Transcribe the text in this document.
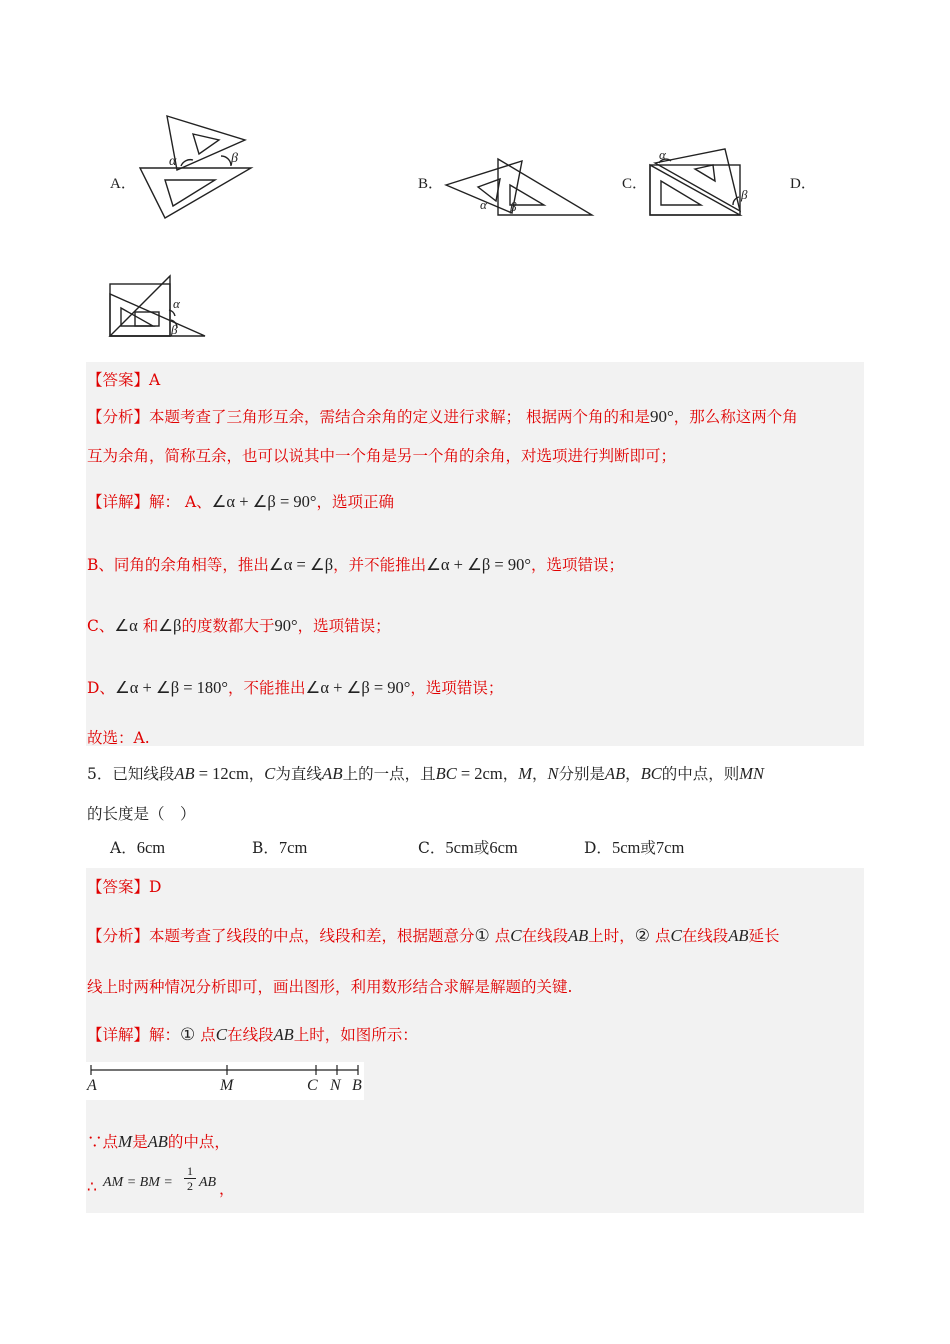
A．
α	β
B．
α β
C．
α
β
D．
α
β
【答案】A
【分析】本题考查了三角形互余，需结合余角的定义进行求解； 根据两个角的和是90°，那么称这两个角
互为余角，简称互余，也可以说其中一个角是另一个角的余角，对选项进行判断即可；
【详解】解： A、∠α + ∠β = 90°，选项正确
B、同角的余角相等，推出∠α = ∠β，并不能推出∠α + ∠β = 90°，选项错误；
C、∠α 和∠β的度数都大于90°，选项错误；
D、∠α + ∠β = 180°，不能推出∠α + ∠β = 90°，选项错误；
故选：A.
5．已知线段AB = 12cm，C为直线AB上的一点，且BC = 2cm，M，N分别是AB，BC的中点，则MN
的长度是（　）
A．6cm	B．7cm	C．5cm或6cm	D．5cm或7cm
【答案】D
【分析】本题考查了线段的中点，线段和差，根据题意分① 点C在线段AB上时，② 点C在线段AB延长
线上时两种情况分析即可，画出图形，利用数形结合求解是解题的关键.
【详解】解：① 点C在线段AB上时，如图所示：
A	M	C N B
∵点M是AB的中点，
∴ AM = BM = $\frac{1}{2}$ AB ，
